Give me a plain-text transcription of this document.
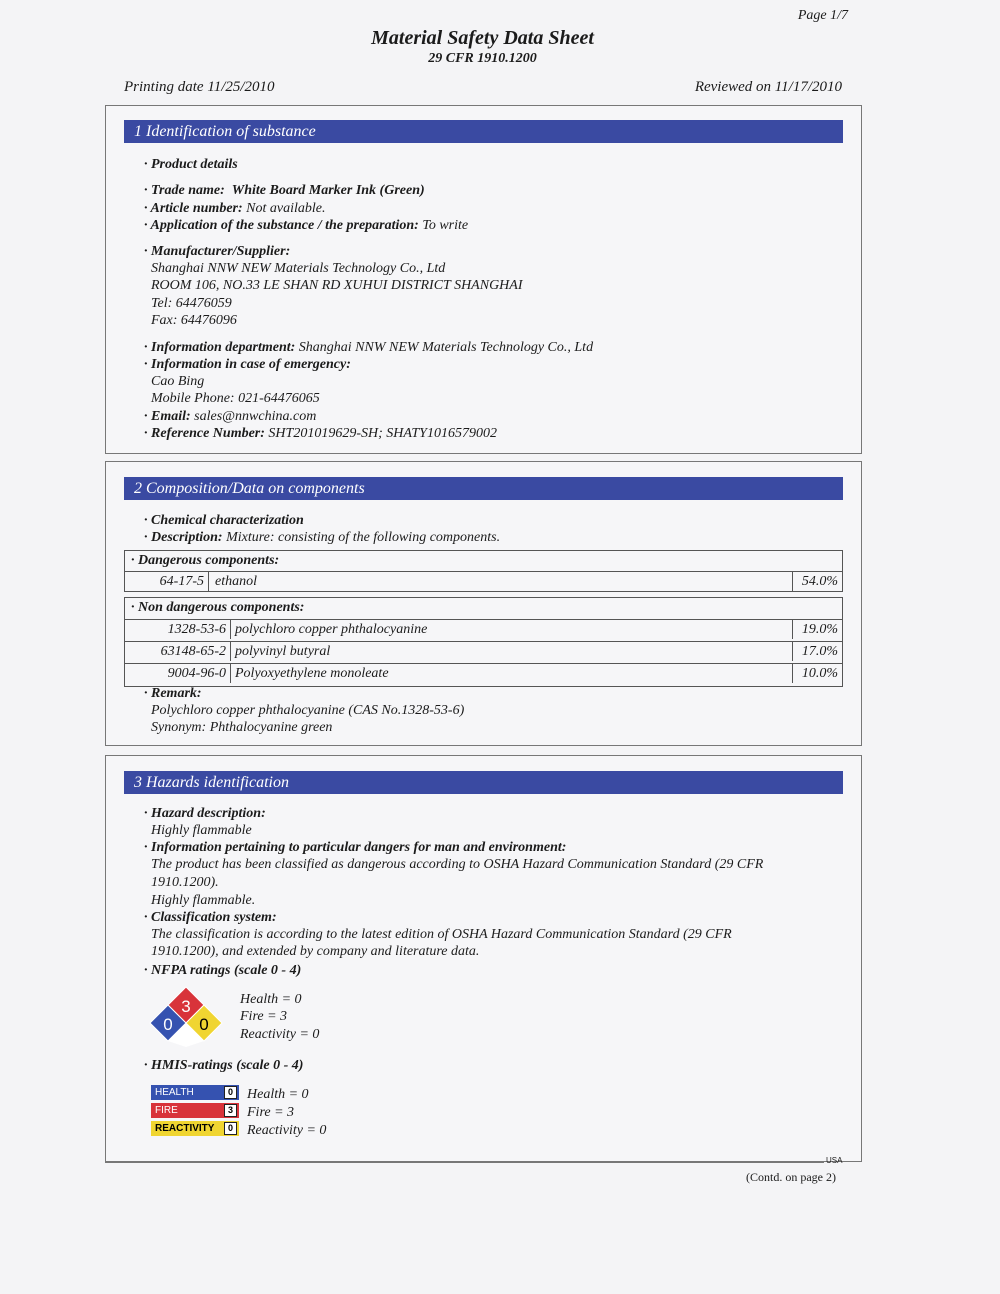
Page 1/7
Material Safety Data Sheet
29 CFR 1910.1200
Printing date 11/25/2010	Reviewed on 11/17/2010
1 Identification of substance
· Product details
· Trade name: White Board Marker Ink (Green)
· Article number: Not available.
· Application of the substance / the preparation: To write
· Manufacturer/Supplier:
Shanghai NNW NEW Materials Technology Co., Ltd
ROOM 106, NO.33 LE SHAN RD XUHUI DISTRICT SHANGHAI
Tel: 64476059
Fax: 64476096
· Information department: Shanghai NNW NEW Materials Technology Co., Ltd
· Information in case of emergency:
Cao Bing
Mobile Phone: 021-64476065
· Email: sales@nnwchina.com
· Reference Number: SHT201019629-SH; SHATY1016579002
2 Composition/Data on components
· Chemical characterization
· Description: Mixture: consisting of the following components.
· Dangerous components:
64-17-5 ethanol	54.0%
· Non dangerous components:
1328-53-6 polychloro copper phthalocyanine	19.0%
63148-65-2 polyvinyl butyral	17.0%
9004-96-0 Polyoxyethylene monoleate	10.0%
· Remark:
Polychloro copper phthalocyanine (CAS No.1328-53-6)
Synonym: Phthalocyanine green
3 Hazards identification
· Hazard description:
Highly flammable
· Information pertaining to particular dangers for man and environment:
The product has been classified as dangerous according to OSHA Hazard Communication Standard (29 CFR
1910.1200).
Highly flammable.
· Classification system:
The classification is according to the latest edition of OSHA Hazard Communication Standard (29 CFR
1910.1200), and extended by company and literature data.
· NFPA ratings (scale 0 - 4)
3
0 0
Health = 0
Fire = 3
Reactivity = 0
· HMIS-ratings (scale 0 - 4)
HEALTH	0
FIRE	3
REACTIVITY	0
Health = 0
Fire = 3
Reactivity = 0
USA
(Contd. on page 2)
